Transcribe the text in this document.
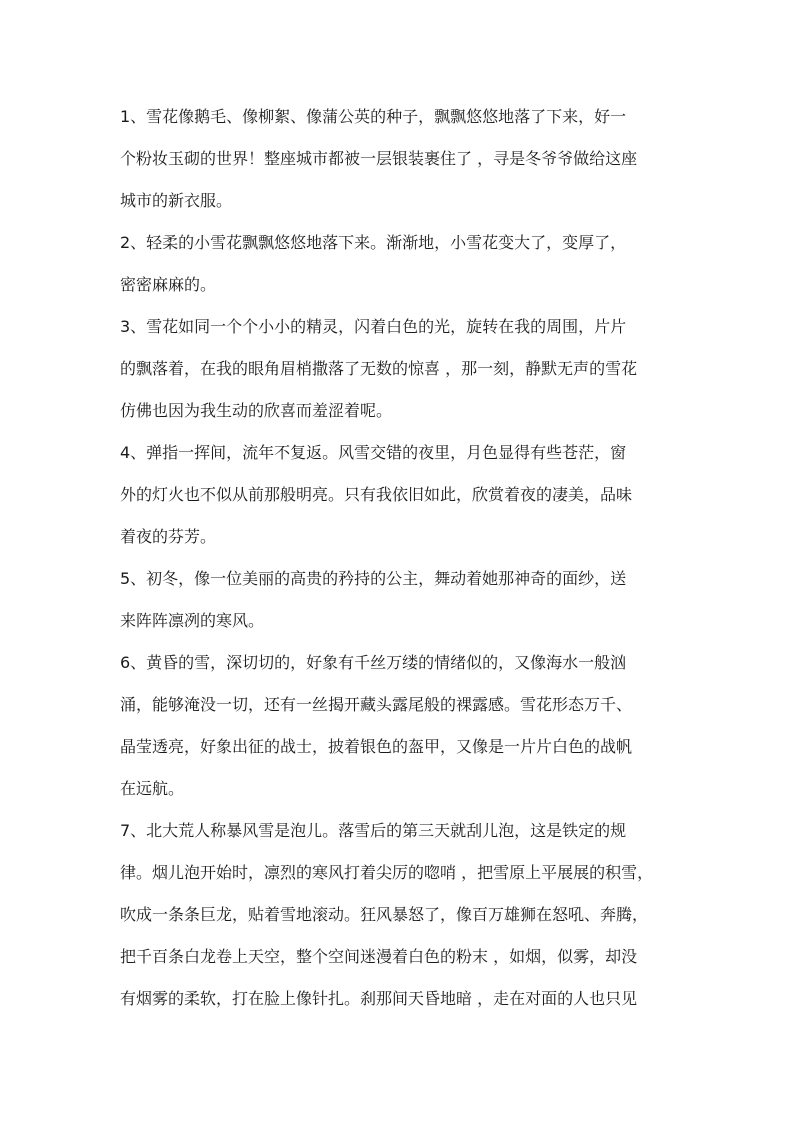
1、雪花像鹅毛、像柳絮、像蒲公英的种子，飘飘悠悠地落了下来，好一
个粉妆玉砌的世界！整座城市都被一层银装裹住了 ，寻是冬爷爷做给这座
城市的新衣服。
2、轻柔的小雪花飘飘悠悠地落下来。渐渐地，小雪花变大了，变厚了，
密密麻麻的。
3、雪花如同一个个小小的精灵，闪着白色的光，旋转在我的周围，片片
的飘落着，在我的眼角眉梢撒落了无数的惊喜 ，那一刻，静默无声的雪花
仿佛也因为我生动的欣喜而羞涩着呢。
4、弹指一挥间，流年不复返。风雪交错的夜里，月色显得有些苍茫，窗
外的灯火也不似从前那般明亮。只有我依旧如此，欣赏着夜的凄美，品味
着夜的芬芳。
5、初冬，像一位美丽的高贵的矜持的公主，舞动着她那神奇的面纱，送
来阵阵凛冽的寒风。
6、黄昏的雪，深切切的，好象有千丝万缕的情绪似的，又像海水一般汹
涌，能够淹没一切，还有一丝揭开藏头露尾般的裸露感。雪花形态万千、
晶莹透亮，好象出征的战士，披着银色的盔甲，又像是一片片白色的战帆
在远航。
7、北大荒人称暴风雪是泡儿。落雪后的第三天就刮儿泡，这是铁定的规
律。烟儿泡开始时，凛烈的寒风打着尖厉的唿哨 ，把雪原上平展展的积雪，
吹成一条条巨龙，贴着雪地滚动。狂风暴怒了，像百万雄狮在怒吼、奔腾，
把千百条白龙卷上天空，整个空间迷漫着白色的粉末 ，如烟，似雾，却没
有烟雾的柔软，打在脸上像针扎。刹那间天昏地暗 ，走在对面的人也只见
